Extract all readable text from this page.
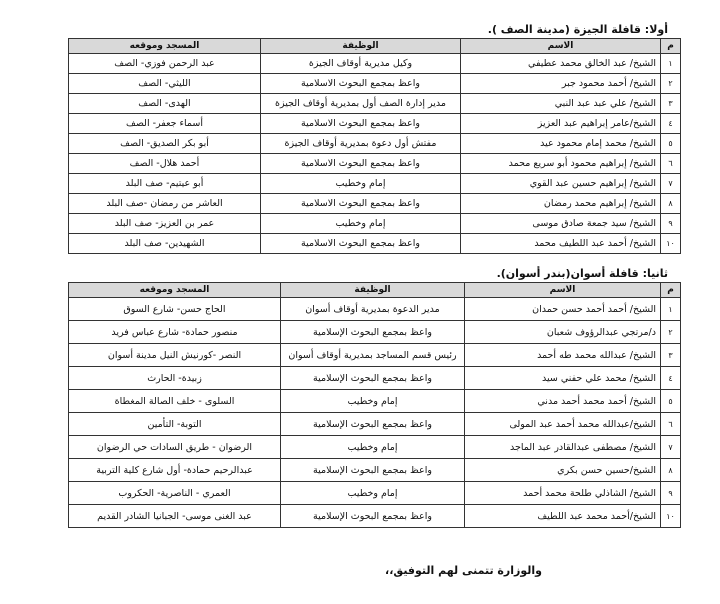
أولا: قافلة الجيزة (مدينة الصف ).
م	الاسم	الوظيفة	المسجد وموقعه
١	الشيخ/ عبد الخالق محمد عطيفي	وكيل مديرية أوقاف الجيزة	عبد الرحمن فوزي- الصف
٢	الشيخ/ أحمد محمود جبر	واعظ بمجمع البحوث الاسلامية	الليثي- الصف
٣	الشيخ/ علي عبد عبد النبي	مدير إدارة الصف أول بمديرية أوقاف الجيزة	الهدى- الصف
٤	الشيخ/عامر إبراهيم عبد العزيز	واعظ بمجمع البحوث الاسلامية	أسماء جعفر- الصف
٥	الشيخ/ محمد إمام محمود عيد	مفتش أول دعوة بمديرية أوقاف الجيزة	أبو بكر الصديق- الصف
٦	الشيخ/ إبراهيم محمود أبو سريع محمد	واعظ بمجمع البحوث الاسلامية	أحمد هلال- الصف
٧	الشيخ/ إبراهيم حسين عبد القوي	إمام وخطيب	أبو عيتيم- صف البلد
٨	الشيخ/ إبراهيم محمد رمضان	واعظ بمجمع البحوث الاسلامية	العاشر من رمضان -صف البلد
٩	الشيخ/ سيد جمعة صادق موسى	إمام وخطيب	عمر بن العزيز- صف البلد
١٠	الشيخ/ أحمد عبد اللطيف محمد	واعظ بمجمع البحوث الاسلامية	الشهيدين- صف البلد
ثانيا: قافلة أسوان(بندر أسوان).
م	الاسم	الوظيفة	المسجد وموقعه
١	الشيخ/ أحمد أحمد حسن حمدان	مدير الدعوة بمديرية أوقاف أسوان	الحاج حسن- شارع السوق
٢	د/مرتجي عبدالرؤوف شعبان	واعظ بمجمع البحوث الإسلامية	منصور حمادة- شارع عباس فريد
٣	الشيخ/ عبدالله محمد طه أحمد	رئيس قسم المساجد بمديرية أوقاف أسوان	النصر -كورنيش النيل مدينة أسوان
٤	الشيخ/ محمد علي حفني سيد	واعظ بمجمع البحوث الإسلامية	زبيدة- الحارث
٥	الشيخ/ أحمد محمد أحمد مدني	إمام وخطيب	السلوى - خلف الصالة المغطاة
٦	الشيخ/عبدالله محمد أحمد عبد المولى	واعظ بمجمع البحوث الإسلامية	التوبة- التأمين
٧	الشيخ/ مصطفى عبدالقادر عبد الماجد	إمام وخطيب	الرضوان - طريق السادات حي الرضوان
٨	الشيخ/حسين حسن بكري	واعظ بمجمع البحوث الإسلامية	عبدالرحيم حمادة- أول شارع كلية التربية
٩	الشيخ/ الشاذلي طلحة محمد أحمد	إمام وخطيب	العمري - الناصرية- الحكروب
١٠	الشيخ/أحمد محمد عبد اللطيف	واعظ بمجمع البحوث الإسلامية	عبد الغنى موسى- الجبانيا الشادر القديم
والوزارة تتمنى لهم التوفيق،،
